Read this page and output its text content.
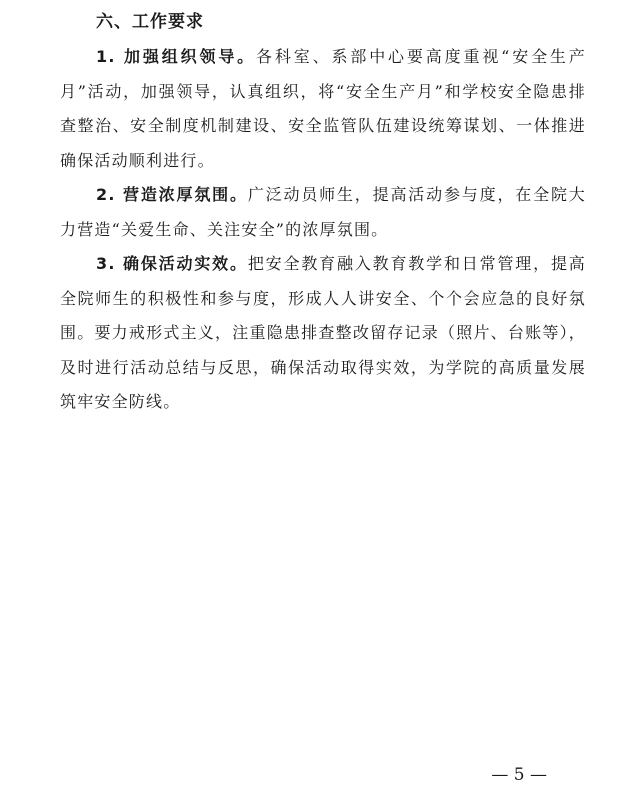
六、工作要求

1. 加强组织领导。各科室、系部中心要高度重视“安全生产月”活动，加强领导，认真组织，将“安全生产月”和学校安全隐患排查整治、安全制度机制建设、安全监管队伍建设统筹谋划、一体推进确保活动顺利进行。

2. 营造浓厚氛围。广泛动员师生，提高活动参与度，在全院大力营造“关爱生命、关注安全”的浓厚氛围。

3. 确保活动实效。把安全教育融入教育教学和日常管理，提高全院师生的积极性和参与度，形成人人讲安全、个个会应急的良好氛围。要力戒形式主义，注重隐患排查整改留存记录（照片、台账等），及时进行活动总结与反思，确保活动取得实效，为学院的高质量发展筑牢安全防线。

— 5 —
